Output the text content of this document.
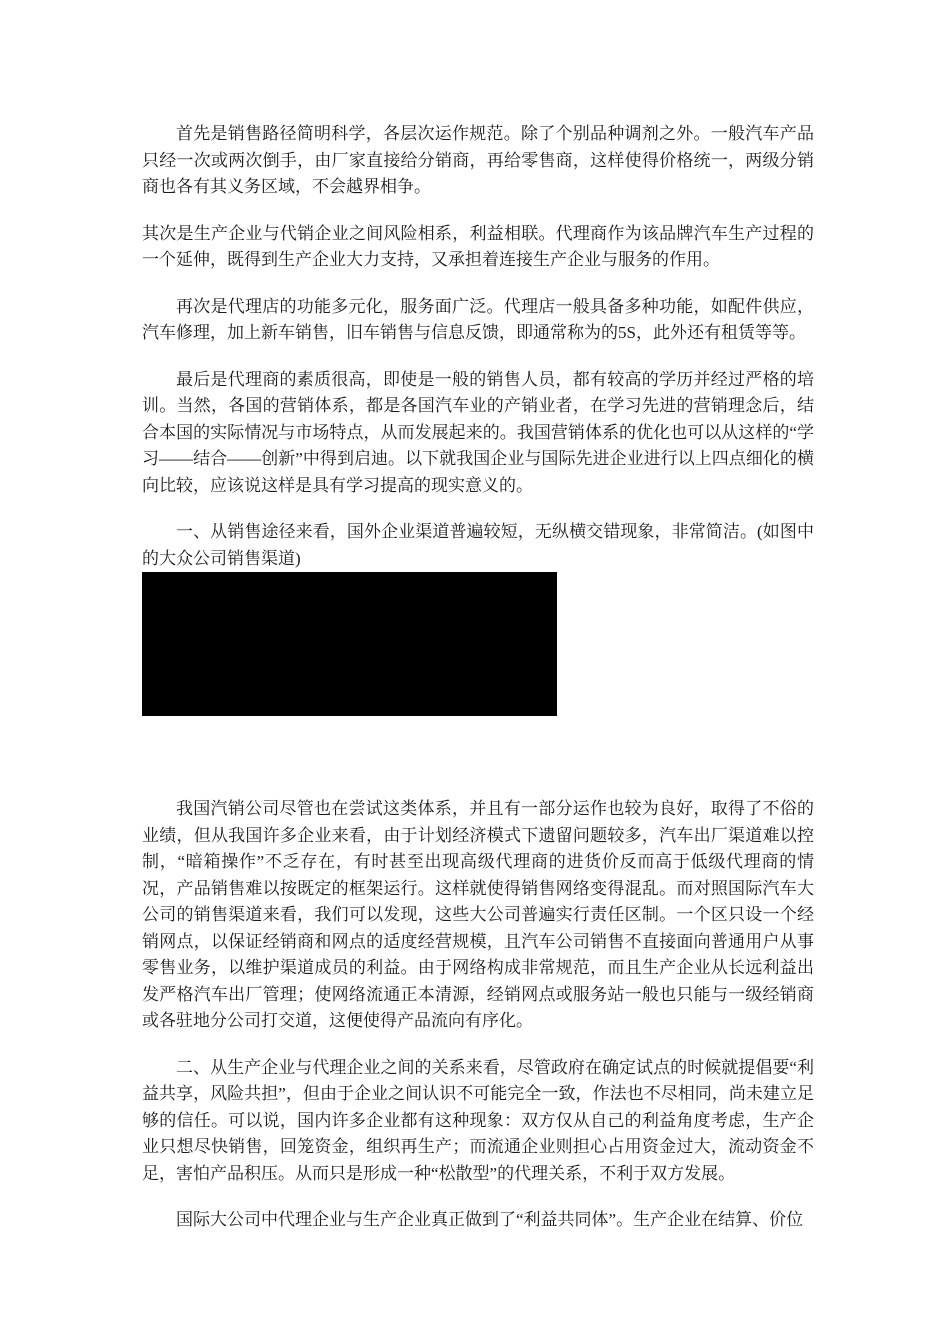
首先是销售路径简明科学，各层次运作规范。除了个别品种调剂之外。一般汽车产品只经一次或两次倒手，由厂家直接给分销商，再给零售商，这样使得价格统一，两级分销商也各有其义务区域，不会越界相争。

其次是生产企业与代销企业之间风险相系，利益相联。代理商作为该品牌汽车生产过程的一个延伸，既得到生产企业大力支持，又承担着连接生产企业与服务的作用。

再次是代理店的功能多元化，服务面广泛。代理店一般具备多种功能，如配件供应，汽车修理，加上新车销售，旧车销售与信息反馈，即通常称为的5S，此外还有租赁等等。

最后是代理商的素质很高，即使是一般的销售人员，都有较高的学历并经过严格的培训。当然，各国的营销体系，都是各国汽车业的产销业者，在学习先进的营销理念后，结合本国的实际情况与市场特点，从而发展起来的。我国营销体系的优化也可以从这样的“学习——结合——创新”中得到启迪。以下就我国企业与国际先进企业进行以上四点细化的横向比较，应该说这样是具有学习提高的现实意义的。

一、从销售途径来看，国外企业渠道普遍较短，无纵横交错现象，非常简洁。(如图中的大众公司销售渠道)

我国汽销公司尽管也在尝试这类体系，并且有一部分运作也较为良好，取得了不俗的业绩，但从我国许多企业来看，由于计划经济模式下遗留问题较多，汽车出厂渠道难以控制，“暗箱操作”不乏存在，有时甚至出现高级代理商的进货价反而高于低级代理商的情况，产品销售难以按既定的框架运行。这样就使得销售网络变得混乱。而对照国际汽车大公司的销售渠道来看，我们可以发现，这些大公司普遍实行责任区制。一个区只设一个经销网点，以保证经销商和网点的适度经营规模，且汽车公司销售不直接面向普通用户从事零售业务，以维护渠道成员的利益。由于网络构成非常规范，而且生产企业从长远利益出发严格汽车出厂管理；使网络流通正本清源，经销网点或服务站一般也只能与一级经销商或各驻地分公司打交道，这便使得产品流向有序化。

二、从生产企业与代理企业之间的关系来看，尽管政府在确定试点的时候就提倡要“利益共享，风险共担”，但由于企业之间认识不可能完全一致，作法也不尽相同，尚未建立足够的信任。可以说，国内许多企业都有这种现象：双方仅从自己的利益角度考虑，生产企业只想尽快销售，回笼资金，组织再生产；而流通企业则担心占用资金过大，流动资金不足，害怕产品积压。从而只是形成一种“松散型”的代理关系，不利于双方发展。

国际大公司中代理企业与生产企业真正做到了“利益共同体”。生产企业在结算、价位
